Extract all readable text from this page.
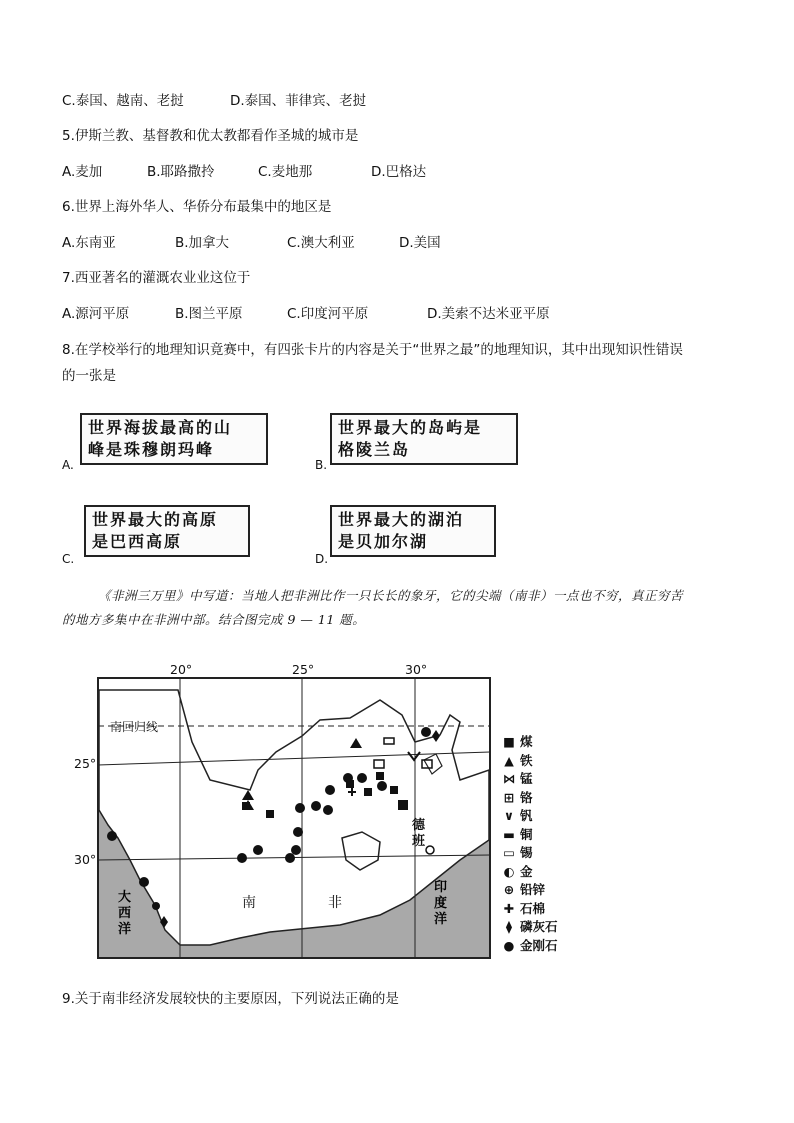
C.泰国、越南、老挝	D.泰国、菲律宾、老挝
5.伊斯兰教、基督教和优太教都看作圣城的城市是
A.麦加	B.耶路撒拎	C.麦地那	D.巴格达
6.世界上海外华人、华侨分布最集中的地区是
A.东南亚	B.加拿大	C.澳大利亚	D.美国
7.西亚著名的灌溉农业业这位于
A.源河平原	B.图兰平原	C.印度河平原	D.美索不达米亚平原
8.在学校举行的地理知识竟赛中，有四张卡片的内容是关于“世界之最”的地理知识，其中出现知识性错误
的一张是
A.
世界海拔最高的山
峰是珠穆朗玛峰
B.
世界最大的岛屿是
格陵兰岛
C.
世界最大的高原
是巴西高原
D.
世界最大的湖泊
是贝加尔湖
《非洲三万里》中写道：当地人把非洲比作一只长长的象牙，它的尖端（南非）一点也不穷，真正穷苦
的地方多集中在非洲中部。结合图完成 9 — 11 题。
南回归线
20°	25°	30°
25°
30°
大西洋
印度洋
南	非
德班
■ 煤
▲ 铁
⋈ 锰
⊞ 铬
∨ 钒
▬ 铜
▭ 锡
◐ 金
⊕ 铅锌
✚ 石棉
⧫ 磷灰石
● 金刚石
9.关于南非经济发展较快的主要原因，下列说法正确的是
